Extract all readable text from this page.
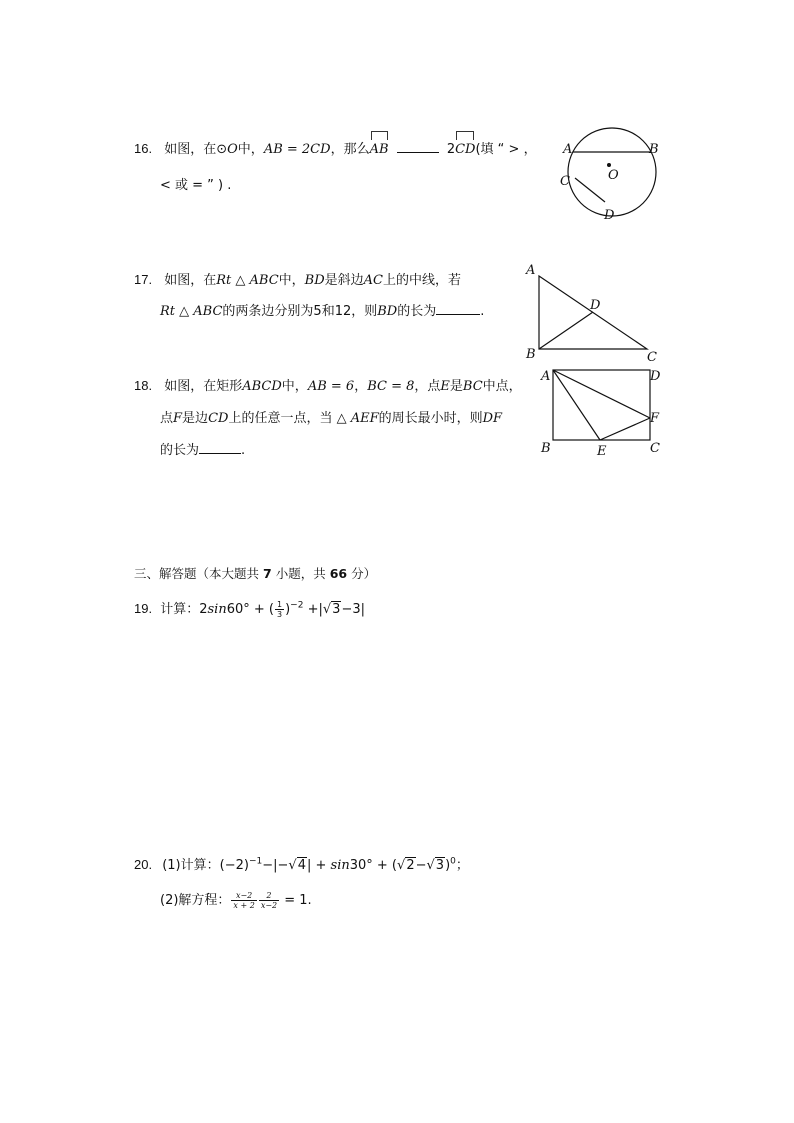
16. 如图，在⊙O中，AB = 2CD，那么
AB	2
CD(填 “ > ，
< 或 = ” ) .
A	B
C
D
O
17. 如图，在Rt △ ABC中，BD是斜边AC上的中线，若
Rt △ ABC的两条边分别为5和12，则BD的长为	.
A
B	C
D
18. 如图，在矩形ABCD中，AB = 6，BC = 8，点E是BC中点，
点F是边CD上的任意一点，当 △ AEF的周长最小时，则DF
的长为	.
A	D
B	C
E
F
三、解答题（本大题共 7 小题，共 66 分）
19. 计算：2sin60° + ( $\frac{1}{3} )^{-2} +|√3-3|$
20. (1)计算：$(-2)^{-1}-|-√4| + \sin 30^\circ + (√2-√3)^0$；
(2)解方程： $\frac{x-2}{x + 2} \frac{2}{x-2} = 1$.
